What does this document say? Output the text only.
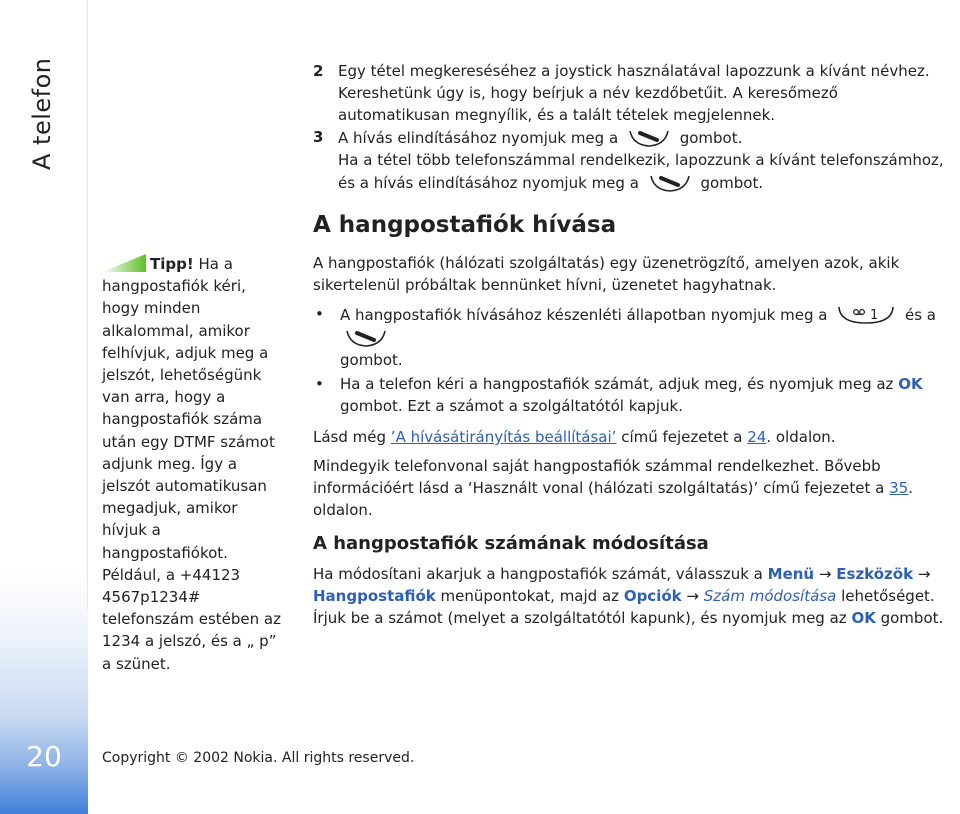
A telefon
20
Tipp! Ha a hangpostafiók kéri, hogy minden alkalommal, amikor felhívjuk, adjuk meg a jelszót, lehetőségünk van arra, hogy a hangpostafiók száma után egy DTMF számot adjunk meg. Így a jelszót automatikusan megadjuk, amikor hívjuk a hangpostafiókot. Például, a +44123 4567p1234# telefonszám estében az 1234 a jelszó, és a „ p” a szünet.
2 Egy tétel megkereséséhez a joystick használatával lapozzunk a kívánt névhez. Kereshetünk úgy is, hogy beírjuk a név kezdőbetűit. A keresőmező automatikusan megnyílik, és a talált tételek megjelennek.
3 A hívás elindításához nyomjuk meg a	gombot.
Ha a tétel több telefonszámmal rendelkezik, lapozzunk a kívánt telefonszámhoz, és a hívás elindításához nyomjuk meg a	gombot.
A hangpostafiók hívása

A hangpostafiók (hálózati szolgáltatás) egy üzenetrögzítő, amelyen azok, akik sikertelenül próbáltak bennünket hívni, üzenetet hagyhatnak.

•	A hangpostafiók hívásához készenléti állapotban nyomjuk meg a	1 és a
gombot.
•	Ha a telefon kéri a hangpostafiók számát, adjuk meg, és nyomjuk meg az OK gombot. Ezt a számot a szolgáltatótól kapjuk.

Lásd még ’A hívásátirányítás beállításai’ című fejezetet a 24. oldalon.

Mindegyik telefonvonal saját hangpostafiók számmal rendelkezhet. Bővebb információért lásd a ‘Használt vonal (hálózati szolgáltatás)’ című fejezetet a 35. oldalon.

A hangpostafiók számának módosítása

Ha módosítani akarjuk a hangpostafiók számát, válasszuk a Menü → Eszközök → Hangpostafiók menüpontokat, majd az Opciók → Szám módosítása lehetőséget. Írjuk be a számot (melyet a szolgáltatótól kapunk), és nyomjuk meg az OK gombot.

Copyright © 2002 Nokia. All rights reserved.
